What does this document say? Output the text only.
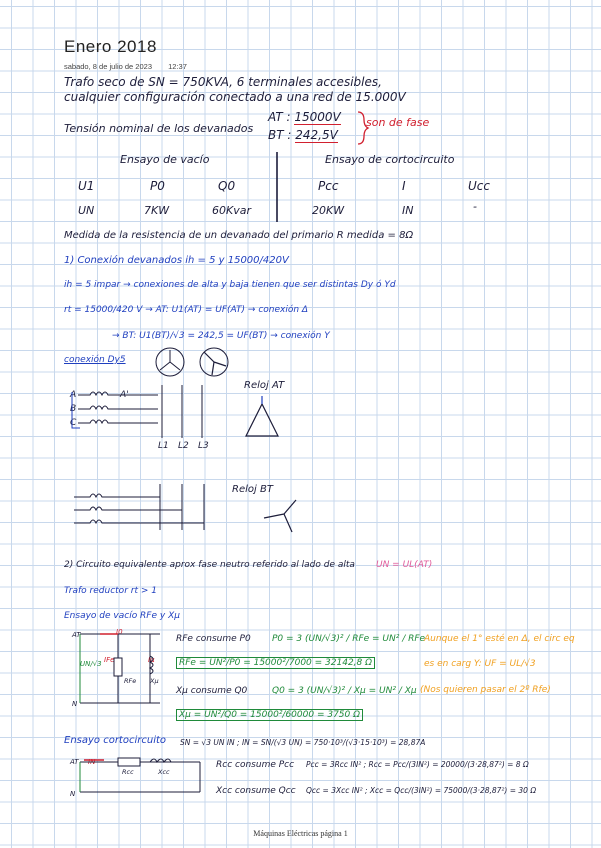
Enero 2018
sabado, 8 de julio de 2023 12:37
Trafo seco de SN = 750KVA, 6 terminales accesibles,
cualquier configuración conectado a una red de 15.000V
Tensión nominal de los devanados
AT : 15000V
BT : 242,5V
son de fase
Ensayo de vacío	Ensayo de cortocircuito
U1	P0	Q0	Pcc	I	Ucc
UN	7KW	60Kvar	20KW	IN	-
Medida de la resistencia de un devanado del primario R medida = 8Ω
1) Conexión devanados ih = 5 y 15000/420V
ih = 5 impar → conexiones de alta y baja tienen que ser distintas Dy ó Yd
rt = 15000/420 V → AT: U1(AT) = UF(AT) → conexión Δ
→ BT: U1(BT)/√3 = 242,5 = UF(BT) → conexión Y
conexión Dy5
Reloj AT
Reloj BT
A
B
C
A'
L1 L2 L3
2) Circuito equivalente aprox fase neutro referido al lado de alta UN = UL(AT)
Trafo reductor rt > 1
Ensayo de vacío RFe y Xμ
RFe consume P0 P0 = 3 (UN/√3)² / RFe = UN² / RFe
RFe = UN²/P0 = 15000²/7000 = 32142,8 Ω
Xμ consume Q0	Q0 = 3 (UN/√3)² / Xμ = UN² / Xμ
Xμ = UN²/Q0 = 15000²/60000 = 3750 Ω
Aunque el 1° esté en Δ, el circ eq
es en carg Y: UF = UL/√3
(Nos quieren pasar el 2º Rfe)
Ensayo cortocircuito SN = √3 UN IN ; IN = SN/(√3 UN) = 750·10³/(√3·15·10³) = 28,87A
Rcc consume Pcc Pcc = 3Rcc IN² ; Rcc = Pcc/(3IN²) = 20000/(3·28,87²) = 8 Ω
Xcc consume Qcc Qcc = 3Xcc IN² ; Xcc = Qcc/(3IN²) = 75000/(3·28,87²) = 30 Ω
AT
N
UN/√3
I0
IFe	Iμ
RFe Xμ
IN
Rcc	Xcc
AT
N
Máquinas Eléctricas página 1
